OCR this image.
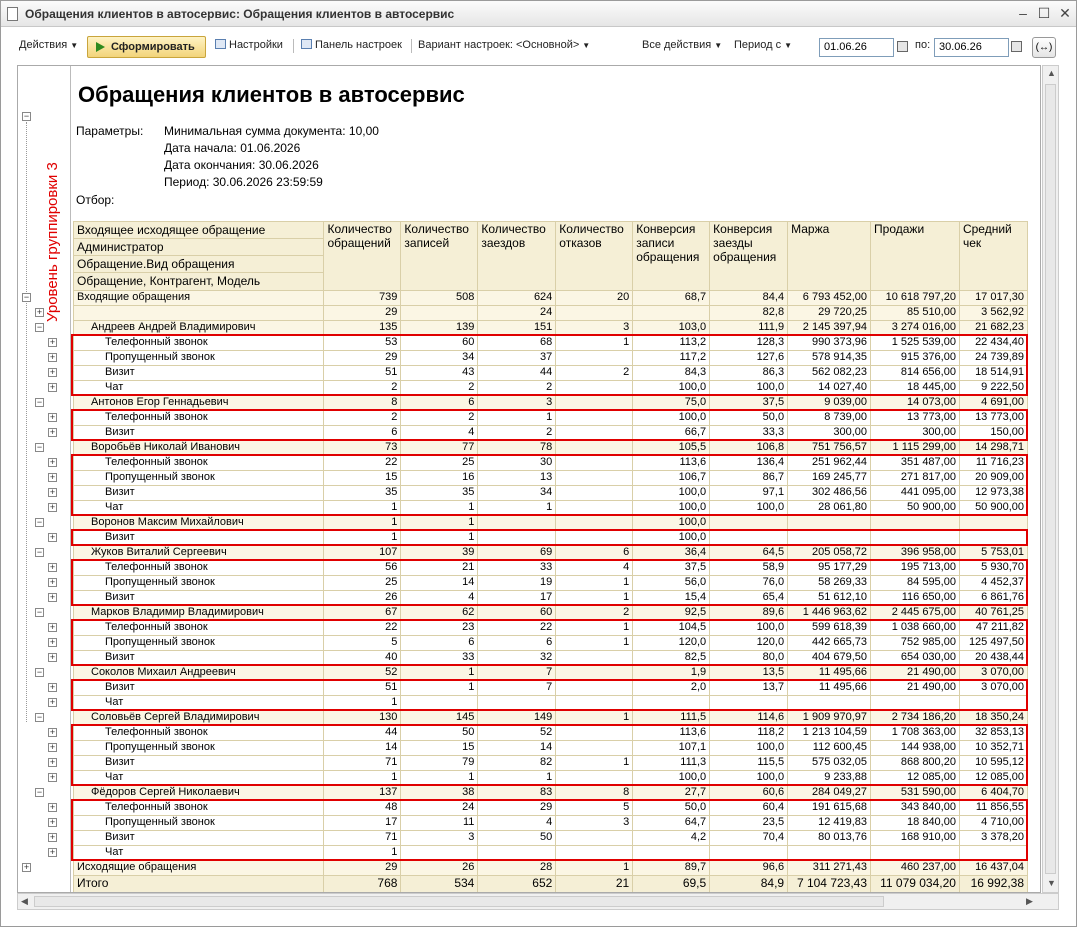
Обращения клиентов в автосервис: Обращения клиентов в автосервис	– ☐ ✕
Действия ▼	Сформировать	Настройки	Панель настроек Вариант настроек: <Основной> ▼	Все действия ▼ Период с ▼	01.06.26	по: 30.06.26	(↔)
Уровень группировки 3
Обращения клиентов в автосервис
Параметры: Минимальная сумма документа: 10,00
Дата начала: 01.06.2026
Дата окончания: 30.06.2026
Период: 30.06.2026 23:59:59
Отбор:
Входящее исходящее обращение
Администратор
Обращение.Вид обращения
Обращение, Контрагент, Модель	Количество обращений	Количество записей	Количество заездов	Количество отказов	Конверсия записи обращения	Конверсия заезды обращения	Маржа	Продажи	Средний чек
Входящие обращения	739	508	624	20	68,7	84,4	6 793 452,00	10 618 797,20	17 017,30
	29		24			82,8	29 720,25	85 510,00	3 562,92
Андреев Андрей Владимирович	135	139	151	3	103,0	111,9	2 145 397,94	3 274 016,00	21 682,23
Телефонный звонок	53	60	68	1	113,2	128,3	990 373,96	1 525 539,00	22 434,40
Пропущенный звонок	29	34	37		117,2	127,6	578 914,35	915 376,00	24 739,89
Визит	51	43	44	2	84,3	86,3	562 082,23	814 656,00	18 514,91
Чат	2	2	2		100,0	100,0	14 027,40	18 445,00	9 222,50
Антонов Егор Геннадьевич	8	6	3		75,0	37,5	9 039,00	14 073,00	4 691,00
Телефонный звонок	2	2	1		100,0	50,0	8 739,00	13 773,00	13 773,00
Визит	6	4	2		66,7	33,3	300,00	300,00	150,00
Воробьёв Николай Иванович	73	77	78		105,5	106,8	751 756,57	1 115 299,00	14 298,71
Телефонный звонок	22	25	30		113,6	136,4	251 962,44	351 487,00	11 716,23
Пропущенный звонок	15	16	13		106,7	86,7	169 245,77	271 817,00	20 909,00
Визит	35	35	34		100,0	97,1	302 486,56	441 095,00	12 973,38
Чат	1	1	1		100,0	100,0	28 061,80	50 900,00	50 900,00
Воронов Максим Михайлович	1	1			100,0				
Визит	1	1			100,0				
Жуков Виталий Сергеевич	107	39	69	6	36,4	64,5	205 058,72	396 958,00	5 753,01
Телефонный звонок	56	21	33	4	37,5	58,9	95 177,29	195 713,00	5 930,70
Пропущенный звонок	25	14	19	1	56,0	76,0	58 269,33	84 595,00	4 452,37
Визит	26	4	17	1	15,4	65,4	51 612,10	116 650,00	6 861,76
Марков Владимир Владимирович	67	62	60	2	92,5	89,6	1 446 963,62	2 445 675,00	40 761,25
Телефонный звонок	22	23	22	1	104,5	100,0	599 618,39	1 038 660,00	47 211,82
Пропущенный звонок	5	6	6	1	120,0	120,0	442 665,73	752 985,00	125 497,50
Визит	40	33	32		82,5	80,0	404 679,50	654 030,00	20 438,44
Соколов Михаил Андреевич	52	1	7		1,9	13,5	11 495,66	21 490,00	3 070,00
Визит	51	1	7		2,0	13,7	11 495,66	21 490,00	3 070,00
Чат	1								
Соловьёв Сергей Владимирович	130	145	149	1	111,5	114,6	1 909 970,97	2 734 186,20	18 350,24
Телефонный звонок	44	50	52		113,6	118,2	1 213 104,59	1 708 363,00	32 853,13
Пропущенный звонок	14	15	14		107,1	100,0	112 600,45	144 938,00	10 352,71
Визит	71	79	82	1	111,3	115,5	575 032,05	868 800,20	10 595,12
Чат	1	1	1		100,0	100,0	9 233,88	12 085,00	12 085,00
Фёдоров Сергей Николаевич	137	38	83	8	27,7	60,6	284 049,27	531 590,00	6 404,70
Телефонный звонок	48	24	29	5	50,0	60,4	191 615,68	343 840,00	11 856,55
Пропущенный звонок	17	11	4	3	64,7	23,5	12 419,83	18 840,00	4 710,00
Визит	71	3	50		4,2	70,4	80 013,76	168 910,00	3 378,20
Чат	1								
Исходящие обращения	29	26	28	1	89,7	96,6	311 271,43	460 237,00	16 437,04
Итого	768	534	652	21	69,5	84,9	7 104 723,43	11 079 034,20	16 992,38
−
−
+
−
+
+
+
+
−
+
+
−
+
+
+
+
−
+
−
+
+
+
−
+
+
+
−
+
+
−
+
+
+
+
−
+
+
+
+
+
▲
▼
◀	▶
